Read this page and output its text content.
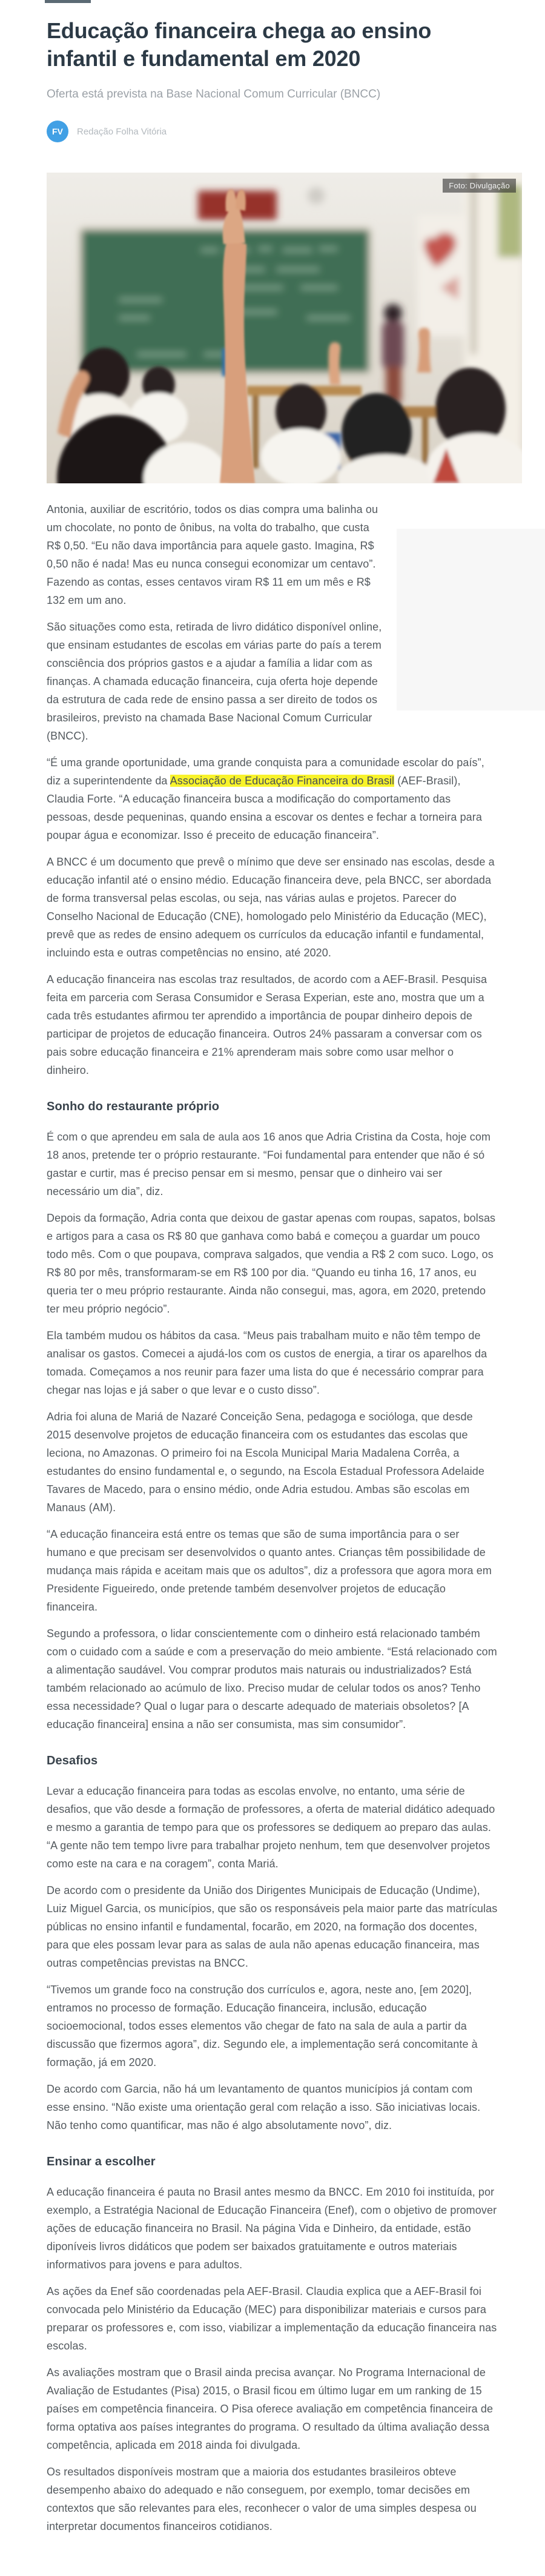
Educação financeira chega ao ensino infantil e fundamental em 2020

Oferta está prevista na Base Nacional Comum Curricular (BNCC)

FV Redação Folha Vitória
Foto: Divulgação

Antonia, auxiliar de escritório, todos os dias compra uma balinha ou um chocolate, no ponto de ônibus, na volta do trabalho, que custa R$ 0,50. “Eu não dava importância para aquele gasto. Imagina, R$ 0,50 não é nada! Mas eu nunca consegui economizar um centavo”. Fazendo as contas, esses centavos viram R$ 11 em um mês e R$ 132 em um ano.

São situações como esta, retirada de livro didático disponível online, que ensinam estudantes de escolas em várias parte do país a terem consciência dos próprios gastos e a ajudar a família a lidar com as finanças. A chamada educação financeira, cuja oferta hoje depende da estrutura de cada rede de ensino passa a ser direito de todos os brasileiros, previsto na chamada Base Nacional Comum Curricular (BNCC).

“É uma grande oportunidade, uma grande conquista para a comunidade escolar do país”, diz a superintendente da Associação de Educação Financeira do Brasil (AEF-Brasil), Claudia Forte. “A educação financeira busca a modificação do comportamento das pessoas, desde pequeninas, quando ensina a escovar os dentes e fechar a torneira para poupar água e economizar. Isso é preceito de educação financeira”.

A BNCC é um documento que prevê o mínimo que deve ser ensinado nas escolas, desde a educação infantil até o ensino médio. Educação financeira deve, pela BNCC, ser abordada de forma transversal pelas escolas, ou seja, nas várias aulas e projetos. Parecer do Conselho Nacional de Educação (CNE), homologado pelo Ministério da Educação (MEC), prevê que as redes de ensino adequem os currículos da educação infantil e fundamental, incluindo esta e outras competências no ensino, até 2020.

A educação financeira nas escolas traz resultados, de acordo com a AEF-Brasil. Pesquisa feita em parceria com Serasa Consumidor e Serasa Experian, este ano, mostra que um a cada três estudantes afirmou ter aprendido a importância de poupar dinheiro depois de participar de projetos de educação financeira. Outros 24% passaram a conversar com os pais sobre educação financeira e 21% aprenderam mais sobre como usar melhor o dinheiro.

Sonho do restaurante próprio

É com o que aprendeu em sala de aula aos 16 anos que Adria Cristina da Costa, hoje com 18 anos, pretende ter o próprio restaurante. “Foi fundamental para entender que não é só gastar e curtir, mas é preciso pensar em si mesmo, pensar que o dinheiro vai ser necessário um dia”, diz.

Depois da formação, Adria conta que deixou de gastar apenas com roupas, sapatos, bolsas e artigos para a casa os R$ 80 que ganhava como babá e começou a guardar um pouco todo mês. Com o que poupava, comprava salgados, que vendia a R$ 2 com suco. Logo, os R$ 80 por mês, transformaram-se em R$ 100 por dia. “Quando eu tinha 16, 17 anos, eu queria ter o meu próprio restaurante. Ainda não consegui, mas, agora, em 2020, pretendo ter meu próprio negócio”.

Ela também mudou os hábitos da casa. “Meus pais trabalham muito e não têm tempo de analisar os gastos. Comecei a ajudá-los com os custos de energia, a tirar os aparelhos da tomada. Começamos a nos reunir para fazer uma lista do que é necessário comprar para chegar nas lojas e já saber o que levar e o custo disso”.

Adria foi aluna de Mariá de Nazaré Conceição Sena, pedagoga e socióloga, que desde 2015 desenvolve projetos de educação financeira com os estudantes das escolas que leciona, no Amazonas. O primeiro foi na Escola Municipal Maria Madalena Corrêa, a estudantes do ensino fundamental e, o segundo, na Escola Estadual Professora Adelaide Tavares de Macedo, para o ensino médio, onde Adria estudou. Ambas são escolas em Manaus (AM).

“A educação financeira está entre os temas que são de suma importância para o ser humano e que precisam ser desenvolvidos o quanto antes. Crianças têm possibilidade de mudança mais rápida e aceitam mais que os adultos”, diz a professora que agora mora em Presidente Figueiredo, onde pretende também desenvolver projetos de educação financeira.

Segundo a professora, o lidar conscientemente com o dinheiro está relacionado também com o cuidado com a saúde e com a preservação do meio ambiente. “Está relacionado com a alimentação saudável. Vou comprar produtos mais naturais ou industrializados? Está também relacionado ao acúmulo de lixo. Preciso mudar de celular todos os anos? Tenho essa necessidade? Qual o lugar para o descarte adequado de materiais obsoletos? [A educação financeira] ensina a não ser consumista, mas sim consumidor”.

Desafios

Levar a educação financeira para todas as escolas envolve, no entanto, uma série de desafios, que vão desde a formação de professores, a oferta de material didático adequado e mesmo a garantia de tempo para que os professores se dediquem ao preparo das aulas. “A gente não tem tempo livre para trabalhar projeto nenhum, tem que desenvolver projetos como este na cara e na coragem”, conta Mariá.

De acordo com o presidente da União dos Dirigentes Municipais de Educação (Undime), Luiz Miguel Garcia, os municípios, que são os responsáveis pela maior parte das matrículas públicas no ensino infantil e fundamental, focarão, em 2020, na formação dos docentes, para que eles possam levar para as salas de aula não apenas educação financeira, mas outras competências previstas na BNCC.

“Tivemos um grande foco na construção dos currículos e, agora, neste ano, [em 2020], entramos no processo de formação. Educação financeira, inclusão, educação socioemocional, todos esses elementos vão chegar de fato na sala de aula a partir da discussão que fizermos agora”, diz. Segundo ele, a implementação será concomitante à formação, já em 2020.

De acordo com Garcia, não há um levantamento de quantos municípios já contam com esse ensino. “Não existe uma orientação geral com relação a isso. São iniciativas locais. Não tenho como quantificar, mas não é algo absolutamente novo”, diz.

Ensinar a escolher

A educação financeira é pauta no Brasil antes mesmo da BNCC. Em 2010 foi instituída, por exemplo, a Estratégia Nacional de Educação Financeira (Enef), com o objetivo de promover ações de educação financeira no Brasil. Na página Vida e Dinheiro, da entidade, estão diponíveis livros didáticos que podem ser baixados gratuitamente e outros materiais informativos para jovens e para adultos.

As ações da Enef são coordenadas pela AEF-Brasil. Claudia explica que a AEF-Brasil foi convocada pelo Ministério da Educação (MEC) para disponibilizar materiais e cursos para preparar os professores e, com isso, viabilizar a implementação da educação financeira nas escolas.

As avaliações mostram que o Brasil ainda precisa avançar. No Programa Internacional de Avaliação de Estudantes (Pisa) 2015, o Brasil ficou em último lugar em um ranking de 15 países em competência financeira. O Pisa oferece avaliação em competência financeira de forma optativa aos países integrantes do programa. O resultado da última avaliação dessa competência, aplicada em 2018 ainda foi divulgada.

Os resultados disponíveis mostram que a maioria dos estudantes brasileiros obteve desempenho abaixo do adequado e não conseguem, por exemplo, tomar decisões em contextos que são relevantes para eles, reconhecer o valor de uma simples despesa ou interpretar documentos financeiros cotidianos.
